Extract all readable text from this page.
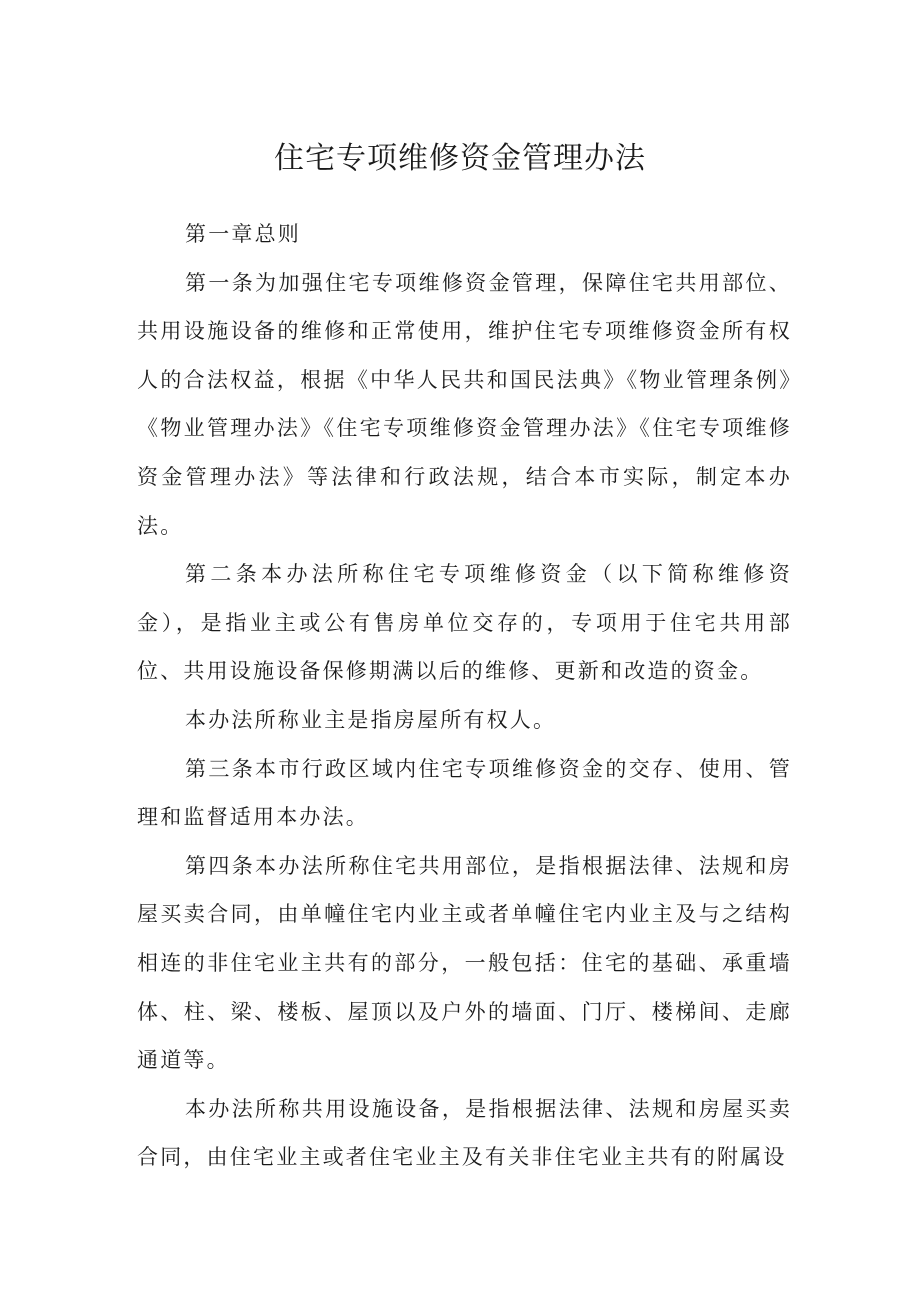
住宅专项维修资金管理办法

第一章总则

第一条为加强住宅专项维修资金管理，保障住宅共用部位、共用设施设备的维修和正常使用，维护住宅专项维修资金所有权人的合法权益，根据《中华人民共和国民法典》《物业管理条例》《物业管理办法》《住宅专项维修资金管理办法》《住宅专项维修资金管理办法》等法律和行政法规，结合本市实际，制定本办法。

第二条本办法所称住宅专项维修资金（以下简称维修资金），是指业主或公有售房单位交存的，专项用于住宅共用部位、共用设施设备保修期满以后的维修、更新和改造的资金。

本办法所称业主是指房屋所有权人。

第三条本市行政区域内住宅专项维修资金的交存、使用、管理和监督适用本办法。

第四条本办法所称住宅共用部位，是指根据法律、法规和房屋买卖合同，由单幢住宅内业主或者单幢住宅内业主及与之结构相连的非住宅业主共有的部分，一般包括：住宅的基础、承重墙体、柱、梁、楼板、屋顶以及户外的墙面、门厅、楼梯间、走廊通道等。

本办法所称共用设施设备，是指根据法律、法规和房屋买卖合同，由住宅业主或者住宅业主及有关非住宅业主共有的附属设
